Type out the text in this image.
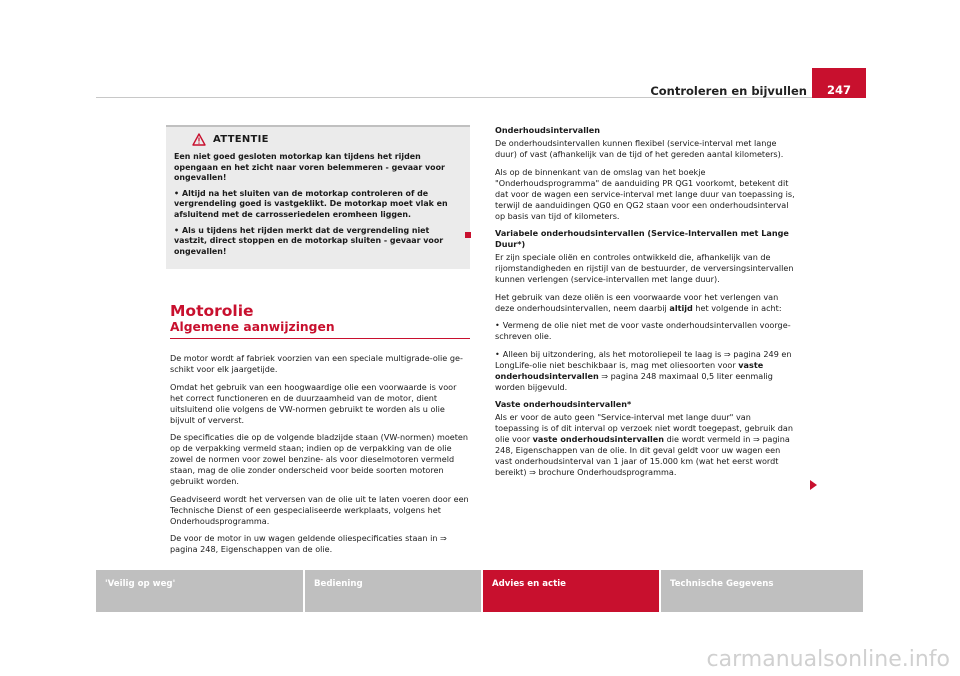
Controleren en bijvullen	247
ATTENTIE

Een niet goed gesloten motorkap kan tijdens het rijden opengaan en het zicht naar voren belemmeren - gevaar voor ongevallen!

• Altijd na het sluiten van de motorkap controleren of de vergrendeling goed is vastgeklikt. De motorkap moet vlak en afsluitend met de carrosseriedelen eromheen liggen.

• Als u tijdens het rijden merkt dat de vergrendeling niet vastzit, direct stoppen en de motorkap sluiten - gevaar voor ongevallen!

Motorolie
Algemene aanwijzingen

De motor wordt af fabriek voorzien van een speciale multigrade-olie geschikt voor elk jaargetijde.

Omdat het gebruik van een hoogwaardige olie een voorwaarde is voor het correct functioneren en de duurzaamheid van de motor, dient uitsluitend olie volgens de VW-normen gebruikt te worden als u olie bijvult of ververst.

De specificaties die op de volgende bladzijde staan (VW-normen) moeten op de verpakking vermeld staan; indien op de verpakking van de olie zowel de normen voor zowel benzine- als voor dieselmotoren vermeld staan, mag de olie zonder onderscheid voor beide soorten motoren gebruikt worden.

Geadviseerd wordt het verversen van de olie uit te laten voeren door een Technische Dienst of een gespecialiseerde werkplaats, volgens het Onderhoudsprogramma.

De voor de motor in uw wagen geldende oliespecificaties staan in ⇒ pagina 248, Eigenschappen van de olie.

Onderhoudsintervallen

De onderhoudsintervallen kunnen flexibel (service-interval met lange duur) of vast (afhankelijk van de tijd of het gereden aantal kilometers).

Als op de binnenkant van de omslag van het boekje "Onderhoudsprogramma" de aanduiding PR QG1 voorkomt, betekent dit dat voor de wagen een service-interval met lange duur van toepassing is, terwijl de aanduidingen QG0 en QG2 staan voor een onderhoudsinterval op basis van tijd of kilometers.

Variabele onderhoudsintervallen (Service-Intervallen met Lange Duur*)

Er zijn speciale oliën en controles ontwikkeld die, afhankelijk van de rijomstandigheden en rijstijl van de bestuurder, de verversingsintervallen kunnen verlengen (service-intervallen met lange duur).

Het gebruik van deze oliën is een voorwaarde voor het verlengen van deze onderhoudsintervallen, neem daarbij altijd het volgende in acht:

• Vermeng de olie niet met de voor vaste onderhoudsintervallen voorgeschreven olie.

• Alleen bij uitzondering, als het motoroliepeil te laag is ⇒ pagina 249 en LongLife-olie niet beschikbaar is, mag met oliesoorten voor vaste onderhoudsintervallen ⇒ pagina 248 maximaal 0,5 liter eenmalig worden bijgevuld.

Vaste onderhoudsintervallen*

Als er voor de auto geen "Service-interval met lange duur" van toepassing is of dit interval op verzoek niet wordt toegepast, gebruik dan olie voor vaste onderhoudsintervallen die wordt vermeld in ⇒ pagina 248, Eigenschappen van de olie. In dit geval geldt voor uw wagen een vast onderhoudsinterval van 1 jaar of 15.000 km (wat het eerst wordt bereikt) ⇒ brochure Onderhoudsprogramma.

'Veilig op weg'	Bediening	Advies en actie	Technische Gegevens
carmanualsonline.info
